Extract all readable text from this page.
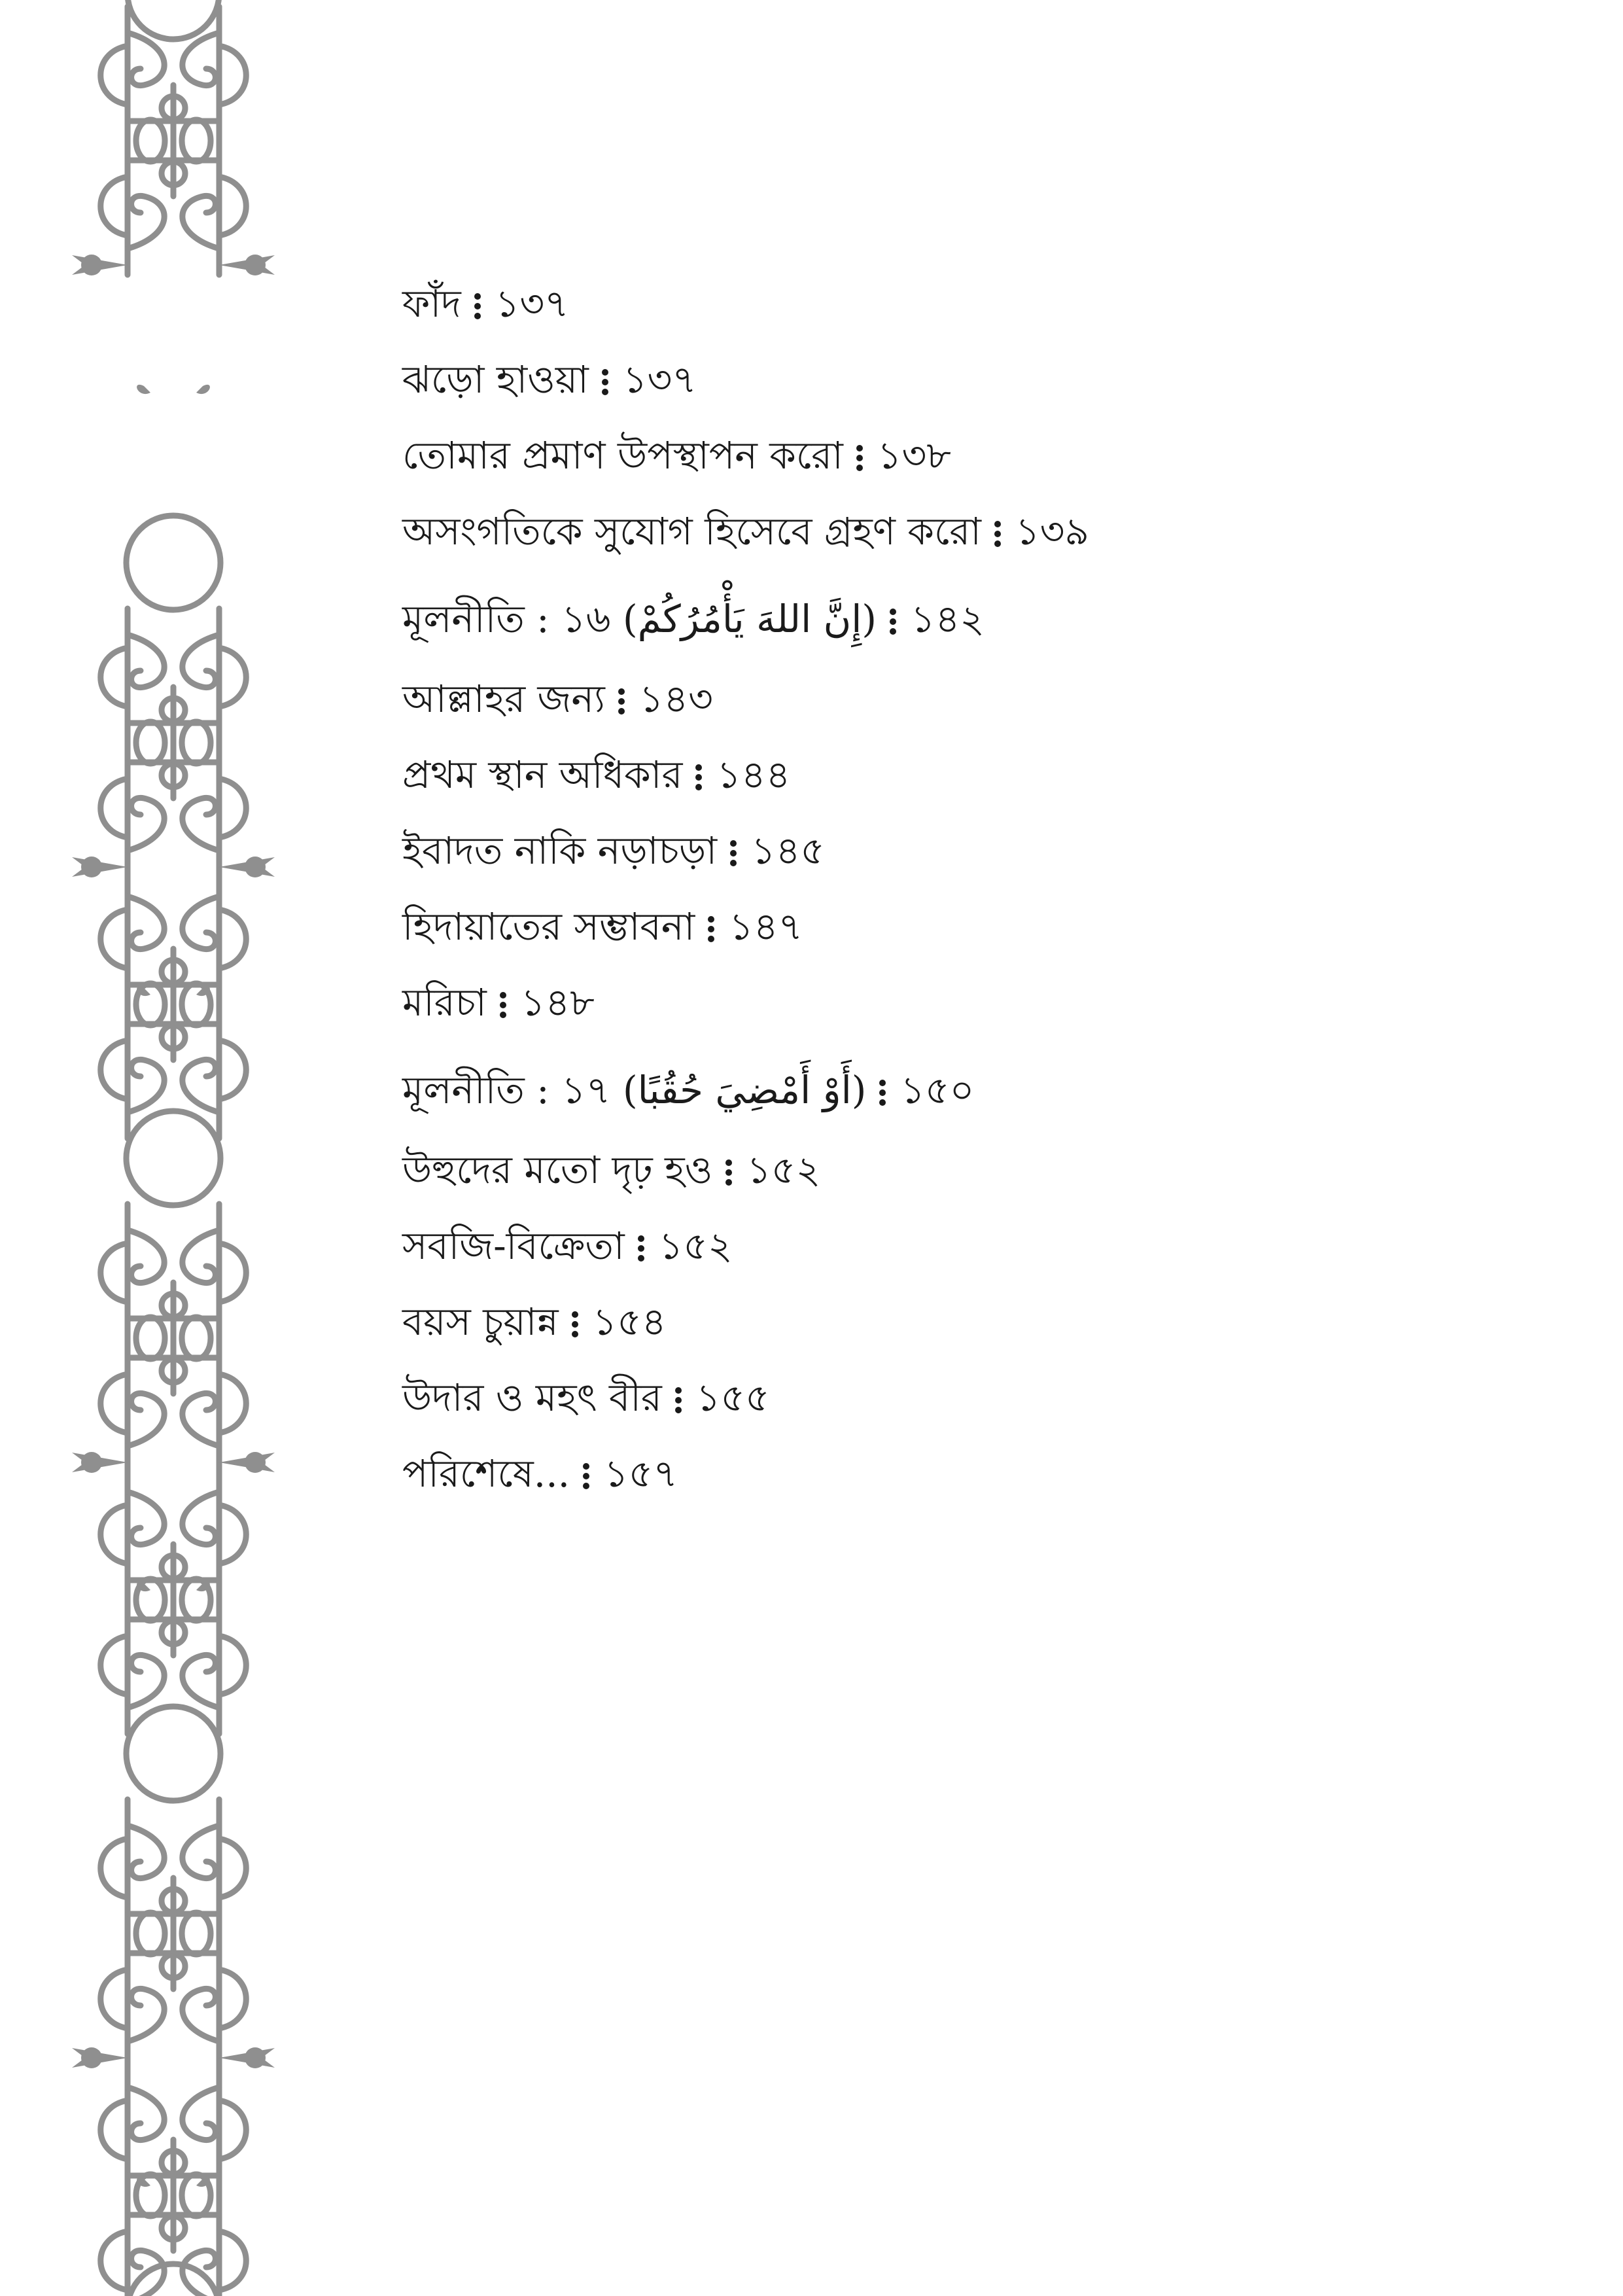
ফাঁদ ১৩৭
ঝড়ো হাওয়া ১৩৭
তোমার প্রমাণ উপস্থাপন করো ১৩৮
অসংগতিকে সুযোগ হিসেবে গ্রহণ করো ১৩৯
মূলনীতি : ১৬ (إِنَّ اللهَ يَأْمُرُكُمْ) ১৪২
আল্লাহর জন্য ১৪৩
প্রথম স্থান অধিকার ১৪৪
ইবাদত নাকি নড়াচড়া ১৪৫
হিদায়াতের সম্ভাবনা ১৪৭
মরিচা ১৪৮
মূলনীতি : ১৭ (أَوْ أَمْضِيَ حُقُبًا) ১৫০
উহুদের মতো দৃঢ় হও ১৫২
সবজি-বিক্রেতা ১৫২
বয়স চুয়ান্ন ১৫৪
উদার ও মহৎ বীর ১৫৫
পরিশেষে... ১৫৭
